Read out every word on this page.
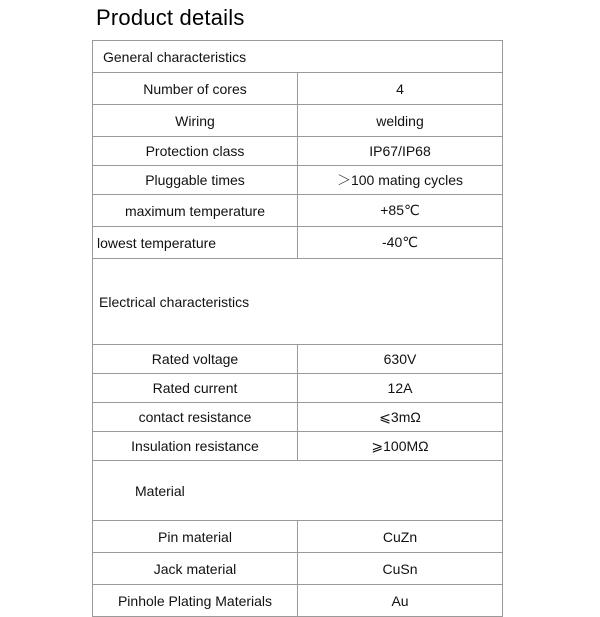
Product details
General characteristics	
Number of cores	4
Wiring	welding
Protection class	IP67/IP68
Pluggable times	＞100 mating cycles
maximum temperature	+85℃
lowest temperature	-40℃
Electrical characteristics	
Rated voltage	630V
Rated current	12A
contact resistance	⩽3mΩ
Insulation resistance	⩾100MΩ
Material	
Pin material	CuZn
Jack material	CuSn
Pinhole Plating Materials	Au
